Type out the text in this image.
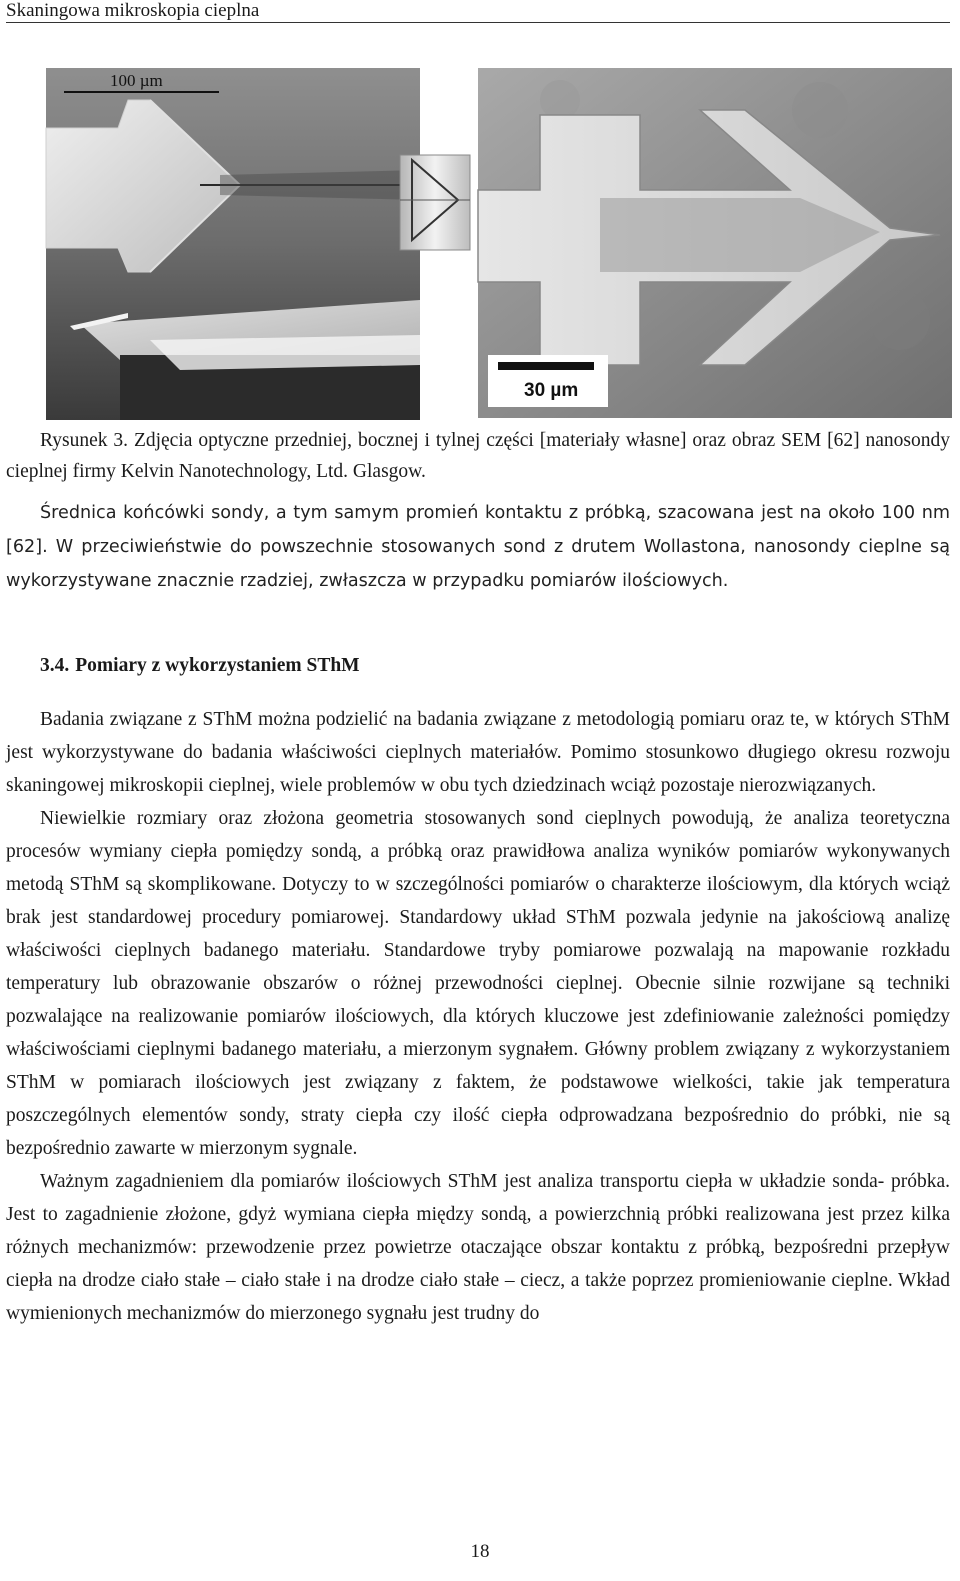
Skaningowa mikroskopia cieplna
100 µm
30 µm
Rysunek 3. Zdjęcia optyczne przedniej, bocznej i tylnej części [materiały własne] oraz obraz SEM [62] nanosondy cieplnej firmy Kelvin Nanotechnology, Ltd. Glasgow.
Średnica końcówki sondy, a tym samym promień kontaktu z próbką, szacowana jest na około 100 nm [62]. W przeciwieństwie do powszechnie stosowanych sond z drutem Wollastona, nanosondy cieplne są wykorzystywane znacznie rzadziej, zwłaszcza w przypadku pomiarów ilościowych.
3.4. Pomiary z wykorzystaniem SThM

Badania związane z SThM można podzielić na badania związane z metodologią pomiaru oraz te, w których SThM jest wykorzystywane do badania właściwości cieplnych materiałów. Pomimo stosunkowo długiego okresu rozwoju skaningowej mikroskopii cieplnej, wiele problemów w obu tych dziedzinach wciąż pozostaje nierozwiązanych.

Niewielkie rozmiary oraz złożona geometria stosowanych sond cieplnych powodują, że analiza teoretyczna procesów wymiany ciepła pomiędzy sondą, a próbką oraz prawidłowa analiza wyników pomiarów wykonywanych metodą SThM są skomplikowane. Dotyczy to w szczególności pomiarów o charakterze ilościowym, dla których wciąż brak jest standardowej procedury pomiarowej. Standardowy układ SThM pozwala jedynie na jakościową analizę właściwości cieplnych badanego materiału. Standardowe tryby pomiarowe pozwalają na mapowanie rozkładu temperatury lub obrazowanie obszarów o różnej przewodności cieplnej. Obecnie silnie rozwijane są techniki pozwalające na realizowanie pomiarów ilościowych, dla których kluczowe jest zdefiniowanie zależności pomiędzy właściwościami cieplnymi badanego materiału, a mierzonym sygnałem. Główny problem związany z wykorzystaniem SThM w pomiarach ilościowych jest związany z faktem, że podstawowe wielkości, takie jak temperatura poszczególnych elementów sondy, straty ciepła czy ilość ciepła odprowadzana bezpośrednio do próbki, nie są bezpośrednio zawarte w mierzonym sygnale.

Ważnym zagadnieniem dla pomiarów ilościowych SThM jest analiza transportu ciepła w układzie sonda- próbka. Jest to zagadnienie złożone, gdyż wymiana ciepła między sondą, a powierzchnią próbki realizowana jest przez kilka różnych mechanizmów: przewodzenie przez powietrze otaczające obszar kontaktu z próbką, bezpośredni przepływ ciepła na drodze ciało stałe – ciało stałe i na drodze ciało stałe – ciecz, a także poprzez promieniowanie cieplne. Wkład wymienionych mechanizmów do mierzonego sygnału jest trudny do

18
